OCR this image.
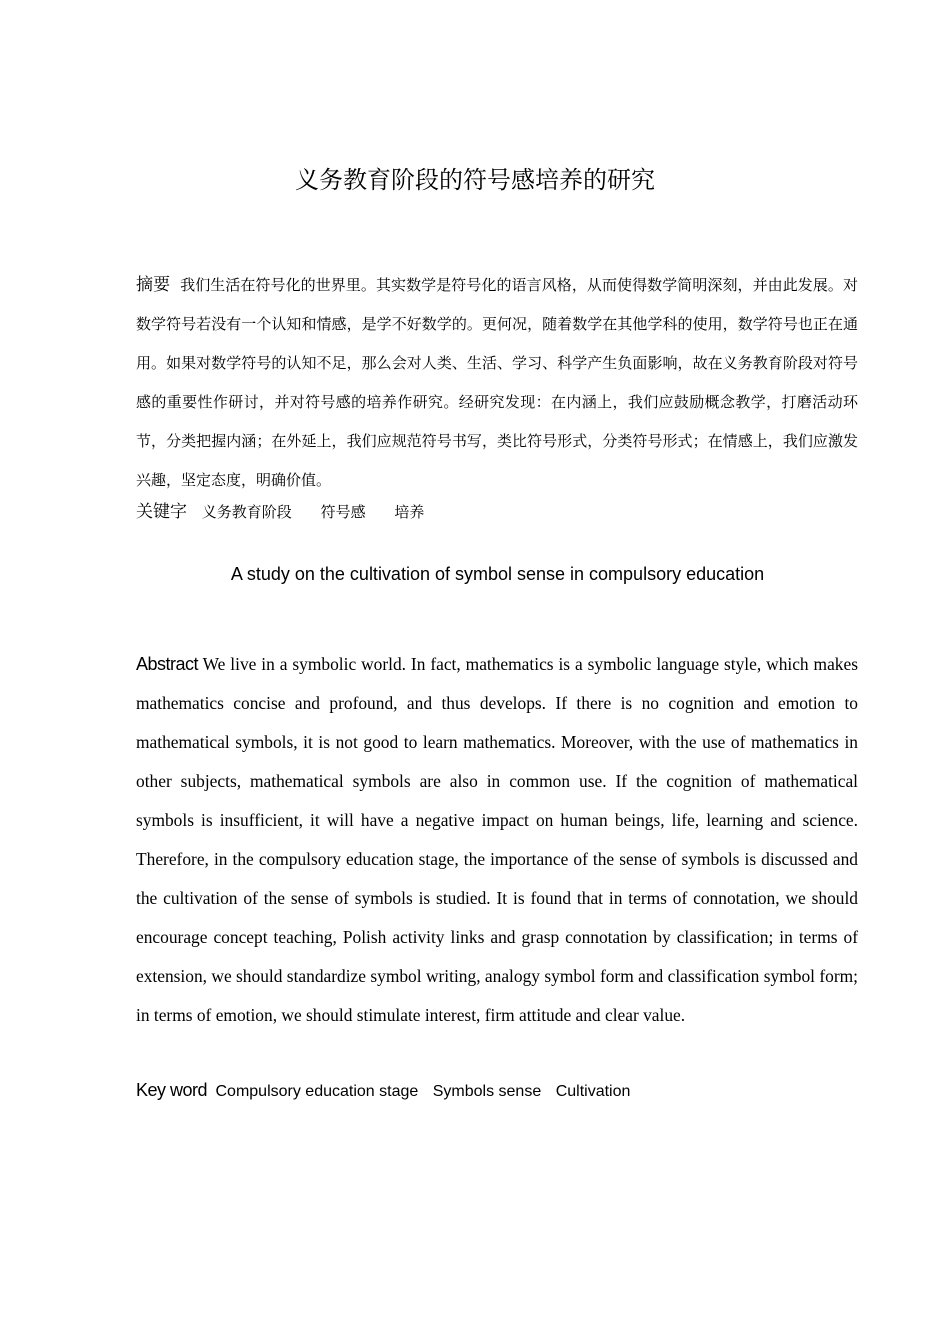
义务教育阶段的符号感培养的研究
摘要 我们生活在符号化的世界里。其实数学是符号化的语言风格，从而使得数学简明深刻，并由此发展。对数学符号若没有一个认知和情感，是学不好数学的。更何况，随着数学在其他学科的使用，数学符号也正在通用。如果对数学符号的认知不足，那么会对人类、生活、学习、科学产生负面影响，故在义务教育阶段对符号感的重要性作研讨，并对符号感的培养作研究。经研究发现：在内涵上，我们应鼓励概念教学，打磨活动环节，分类把握内涵；在外延上，我们应规范符号书写，类比符号形式，分类符号形式；在情感上，我们应激发兴趣，坚定态度，明确价值。
关键字 义务教育阶段 符号感 培养
A study on the cultivation of symbol sense in compulsory education
Abstract We live in a symbolic world. In fact, mathematics is a symbolic language style, which makes mathematics concise and profound, and thus develops. If there is no cognition and emotion to mathematical symbols, it is not good to learn mathematics. Moreover, with the use of mathematics in other subjects, mathematical symbols are also in common use. If the cognition of mathematical symbols is insufficient, it will have a negative impact on human beings, life, learning and science. Therefore, in the compulsory education stage, the importance of the sense of symbols is discussed and the cultivation of the sense of symbols is studied. It is found that in terms of connotation, we should encourage concept teaching, Polish activity links and grasp connotation by classification; in terms of extension, we should standardize symbol writing, analogy symbol form and classification symbol form; in terms of emotion, we should stimulate interest, firm attitude and clear value.
Key word Compulsory education stage Symbols sense Cultivation
